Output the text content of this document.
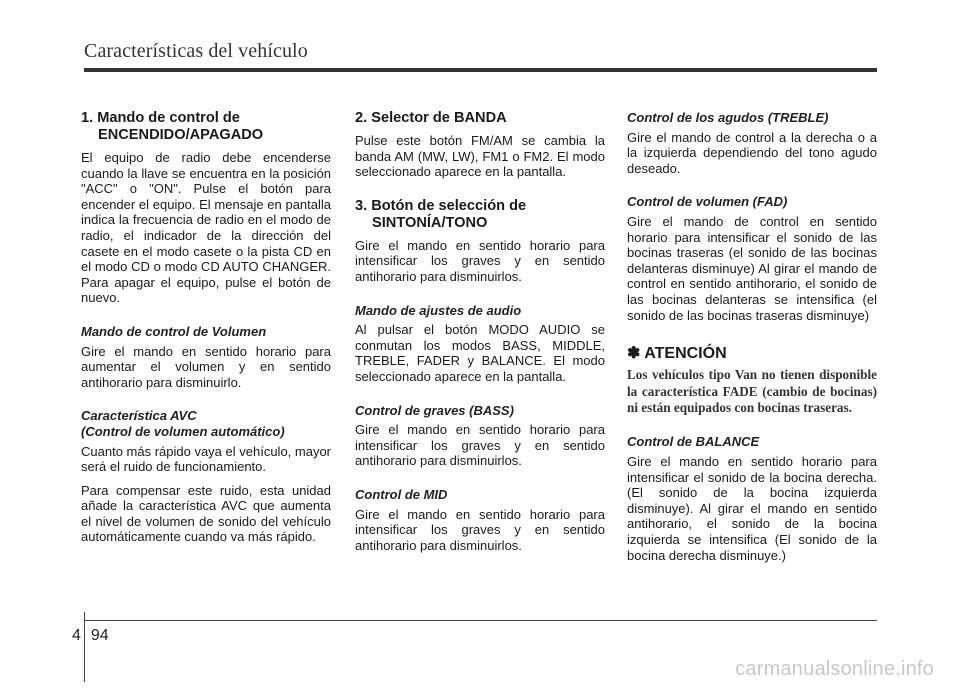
Características del vehículo
1. Mando de control de
ENCENDIDO/APAGADO

El equipo de radio debe encenderse cuando la llave se encuentra en la posición "ACC" o "ON". Pulse el botón para encender el equipo. El mensaje en pantalla indica la frecuencia de radio en el modo de radio, el indicador de la dirección del casete en el modo casete o la pista CD en el modo CD o modo CD AUTO CHANGER. Para apagar el equipo, pulse el botón de nuevo.

Mando de control de Volumen

Gire el mando en sentido horario para aumentar el volumen y en sentido antihorario para disminuirlo.

Característica AVC
(Control de volumen automático)

Cuanto más rápido vaya el vehículo, mayor será el ruido de funcionamiento.

Para compensar este ruido, esta unidad añade la característica AVC que aumenta el nivel de volumen de sonido del vehículo automáticamente cuando va más rápido.

2. Selector de BANDA

Pulse este botón FM/AM se cambia la banda AM (MW, LW), FM1 o FM2. El modo seleccionado aparece en la pantalla.

3. Botón de selección de
SINTONÍA/TONO

Gire el mando en sentido horario para intensificar los graves y en sentido antihorario para disminuirlos.

Mando de ajustes de audio

Al pulsar el botón MODO AUDIO se conmutan los modos BASS, MIDDLE, TREBLE, FADER y BALANCE. El modo seleccionado aparece en la pantalla.

Control de graves (BASS)

Gire el mando en sentido horario para intensificar los graves y en sentido antihorario para disminuirlos.

Control de MID

Gire el mando en sentido horario para intensificar los graves y en sentido antihorario para disminuirlos.

Control de los agudos (TREBLE)

Gire el mando de control a la derecha o a la izquierda dependiendo del tono agudo deseado.

Control de volumen (FAD)

Gire el mando de control en sentido horario para intensificar el sonido de las bocinas traseras (el sonido de las bocinas delanteras disminuye) Al girar el mando de control en sentido antihorario, el sonido de las bocinas delanteras se intensifica (el sonido de las bocinas traseras disminuye)

✽ ATENCIÓN

Los vehículos tipo Van no tienen disponible la característica FADE (cambio de bocinas) ni están equipados con bocinas traseras.

Control de BALANCE

Gire el mando en sentido horario para intensificar el sonido de la bocina derecha. (El sonido de la bocina izquierda disminuye). Al girar el mando en sentido antihorario, el sonido de la bocina izquierda se intensifica (El sonido de la bocina derecha disminuye.)

4 94
carmanualsonline.info
